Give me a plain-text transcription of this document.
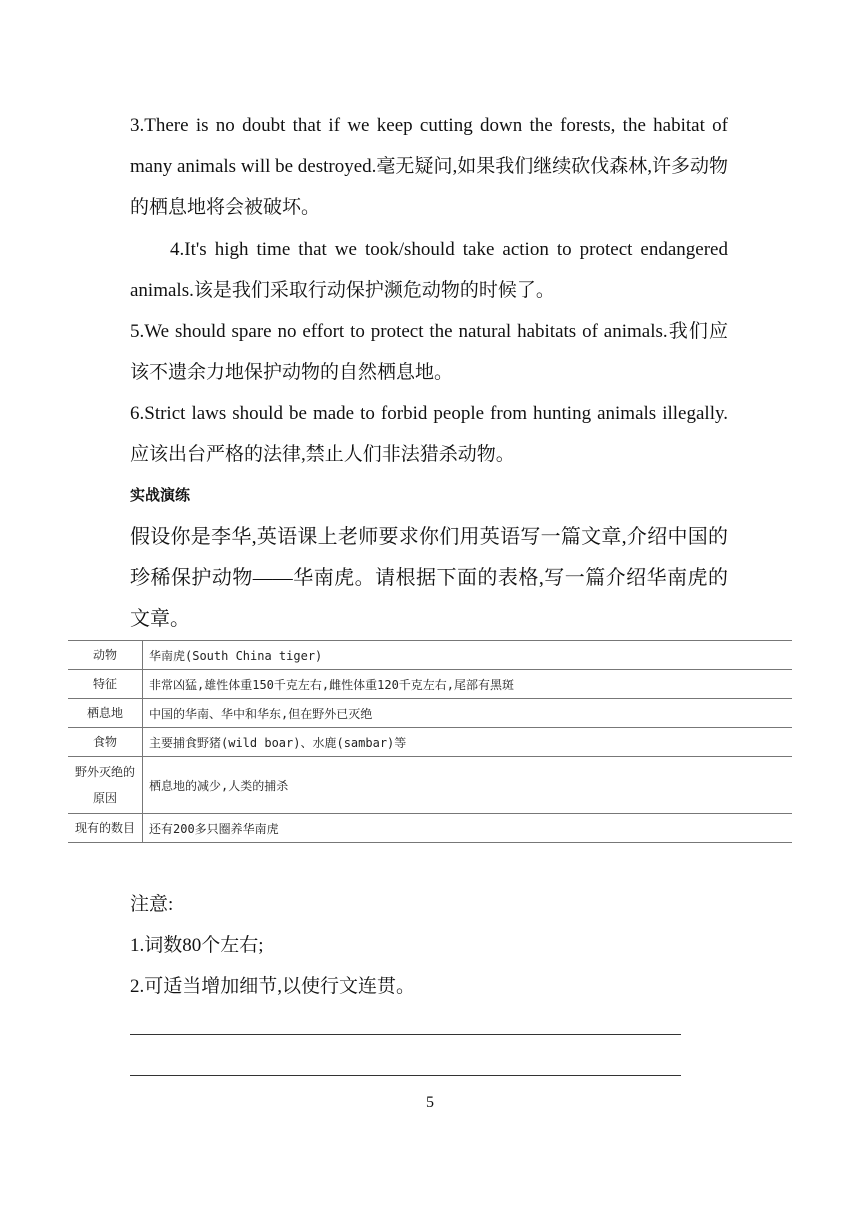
3.There is no doubt that if we keep cutting down the forests, the habitat of many animals will be destroyed.毫无疑问,如果我们继续砍伐森林,许多动物的栖息地将会被破坏。
4.It's high time that we took/should take action to protect endangered animals.该是我们采取行动保护濒危动物的时候了。
5.We should spare no effort to protect the natural habitats of animals.我们应该不遗余力地保护动物的自然栖息地。
6.Strict laws should be made to forbid people from hunting animals illegally.应该出台严格的法律,禁止人们非法猎杀动物。
实战演练
假设你是李华,英语课上老师要求你们用英语写一篇文章,介绍中国的珍稀保护动物——华南虎。请根据下面的表格,写一篇介绍华南虎的文章。
动物	华南虎(South China tiger)
特征	非常凶猛,雄性体重150千克左右,雌性体重120千克左右,尾部有黑斑
栖息地	中国的华南、华中和华东,但在野外已灭绝
食物	主要捕食野猪(wild boar)、水鹿(sambar)等
野外灭绝的原因	栖息地的减少,人类的捕杀
现有的数目	还有200多只圈养华南虎
注意:
1.词数80个左右;
2.可适当增加细节,以使行文连贯。
5
